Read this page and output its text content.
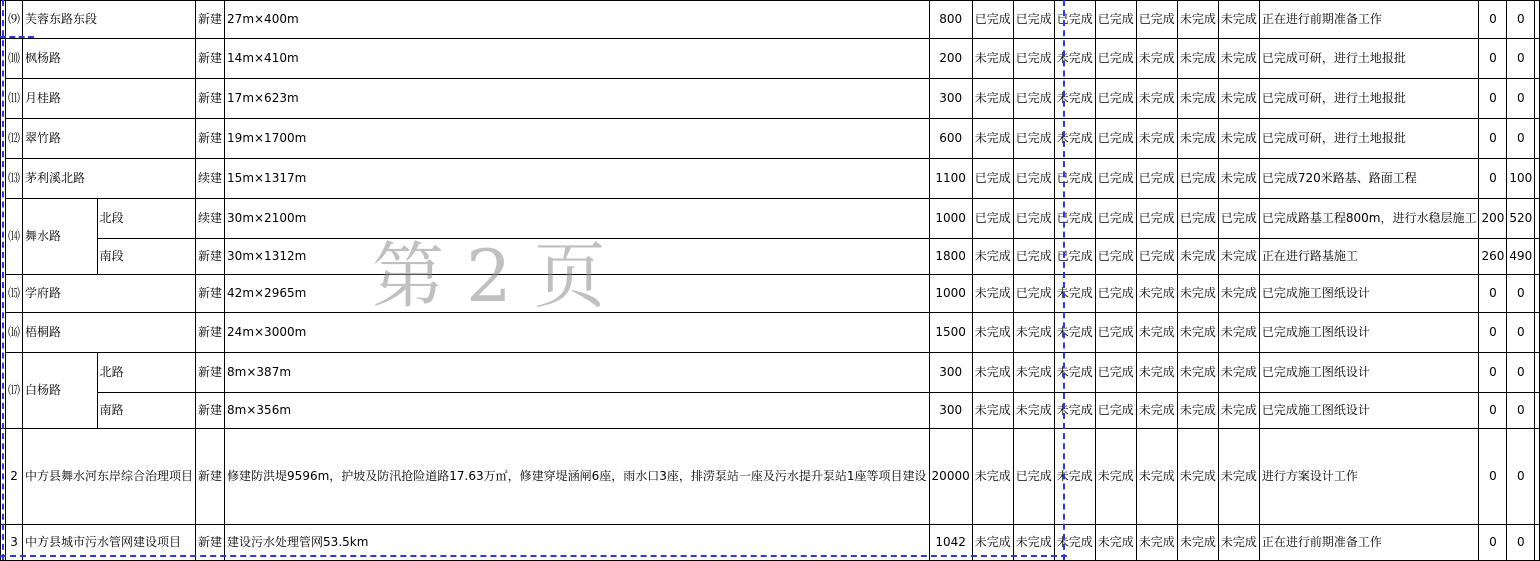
	⑼	芙蓉东路东段		新建	27m×400m	800	已完成	已完成	已完成	已完成	已完成	未完成	未完成	正在进行前期准备工作	0	0	
	⑽	枫杨路		新建	14m×410m	200	未完成	已完成	未完成	已完成	未完成	未完成	未完成	已完成可研，进行土地报批	0	0	
	⑾	月桂路		新建	17m×623m	300	未完成	已完成	未完成	已完成	未完成	未完成	未完成	已完成可研，进行土地报批	0	0	
	⑿	翠竹路		新建	19m×1700m	600	未完成	已完成	未完成	已完成	未完成	未完成	未完成	已完成可研，进行土地报批	0	0	
	⒀	茅利溪北路		续建	15m×1317m	1100	已完成	已完成	已完成	已完成	已完成	已完成	未完成	已完成720米路基、路面工程	0	100	
	⒁	舞水路	北段	续建	30m×2100m	1000	已完成	已完成	已完成	已完成	已完成	已完成	已完成	已完成路基工程800m，进行水稳层施工	200	520	
			南段	新建	30m×1312m	1800	未完成	已完成	已完成	已完成	已完成	未完成	未完成	正在进行路基施工	260	490	
	⒂	学府路		新建	42m×2965m	1000	未完成	已完成	未完成	已完成	未完成	未完成	未完成	已完成施工图纸设计	0	0	
	⒃	梧桐路		新建	24m×3000m	1500	未完成	未完成	未完成	已完成	未完成	未完成	未完成	已完成施工图纸设计	0	0	
	⒄	白杨路	北路	新建	8m×387m	300	未完成	未完成	未完成	已完成	未完成	未完成	未完成	已完成施工图纸设计	0	0	
			南路	新建	8m×356m	300	未完成	未完成	未完成	已完成	未完成	未完成	未完成	已完成施工图纸设计	0	0	
	2	中方县舞水河东岸综合治理项目		新建	修建防洪堤9596m，护坡及防汛抢险道路17.63万㎡，修建穿堤涵闸6座，雨水口3座，排涝泵站一座及污水提升泵站1座等项目建设	20000	未完成	已完成	未完成	未完成	未完成	未完成	未完成	进行方案设计工作	0	0	
	3	中方县城市污水管网建设项目		新建	建设污水处理管网53.5km	1042	未完成	未完成	未完成	未完成	未完成	未完成	未完成	正在进行前期准备工作	0	0	
第2页
